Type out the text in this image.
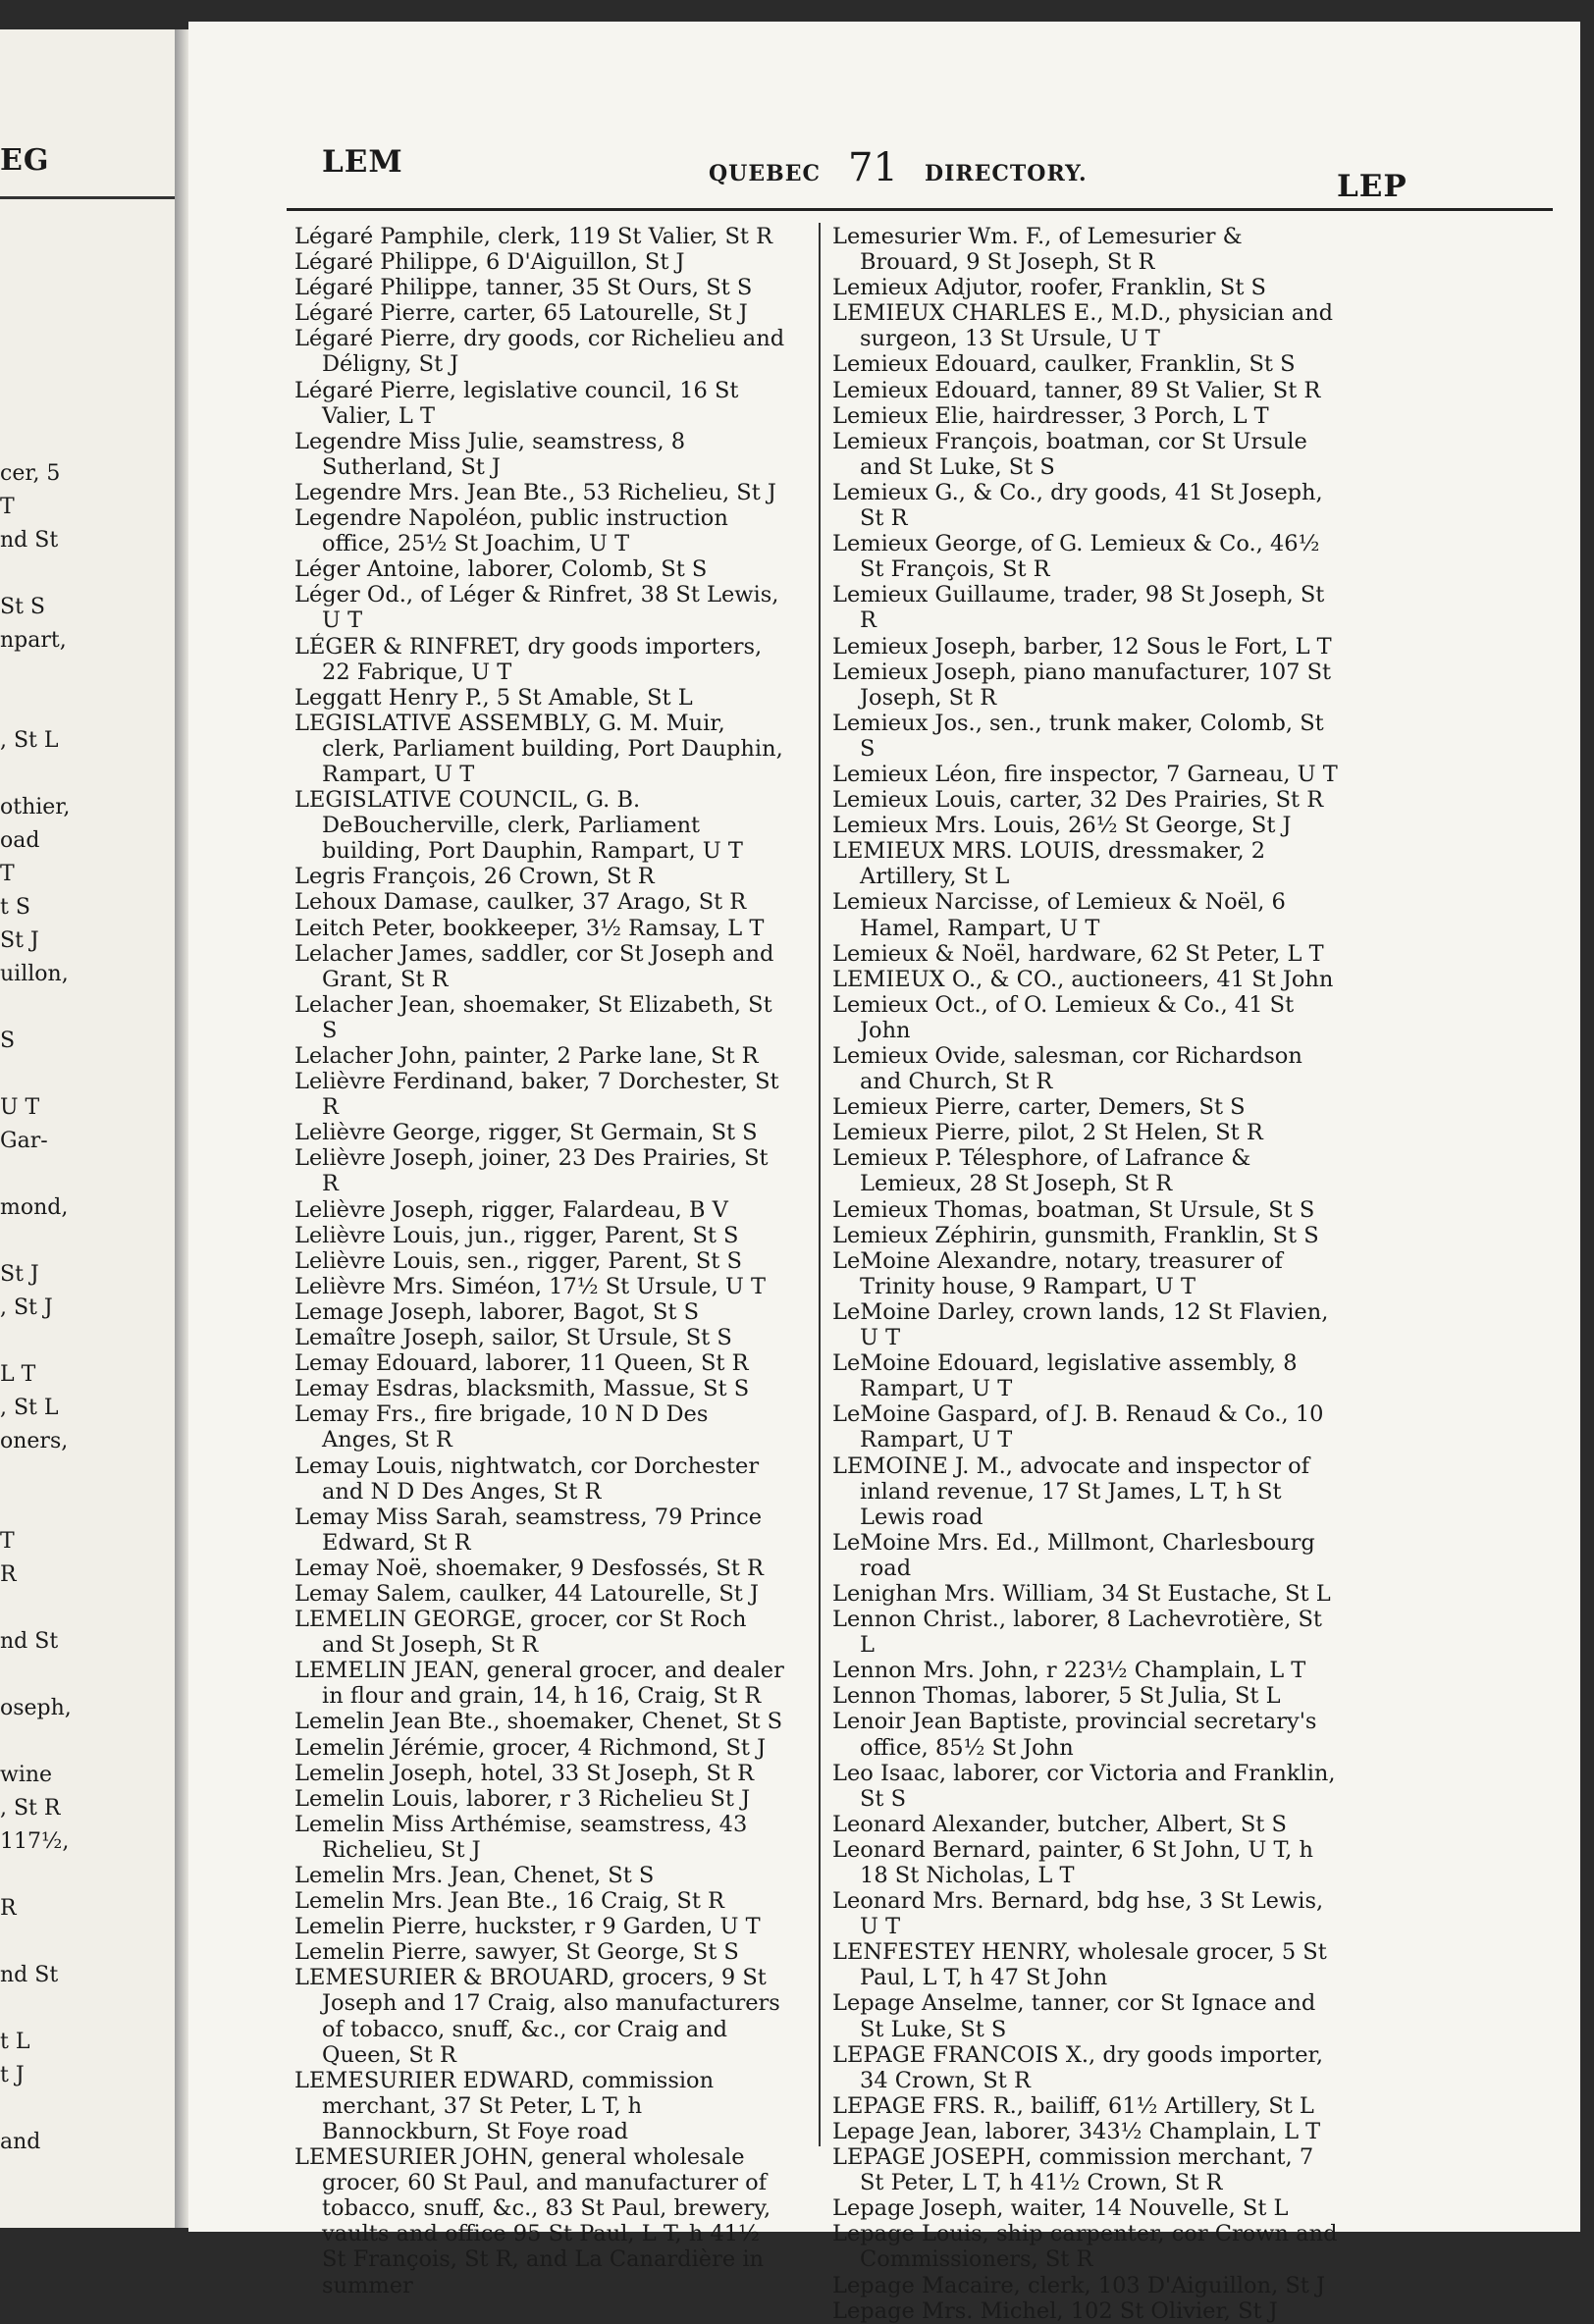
EG
cer, 5
T
nd St
St S
npart,
, St L
othier,
oad
T
t S
St J
uillon,
S
U T
Gar-
mond,
St J
, St J
L T
, St L
oners,
T
R
nd St
oseph,
wine
, St R
117½,
R
nd St
t L
t J
and
LEM	QUEBEC 71 DIRECTORY.	LEP

Légaré Pamphile, clerk, 119 St Valier, St R

Légaré Philippe, 6 D'Aiguillon, St J

Légaré Philippe, tanner, 35 St Ours, St S

Légaré Pierre, carter, 65 Latourelle, St J

Légaré Pierre, dry goods, cor Richelieu and Déligny, St J

Légaré Pierre, legislative council, 16 St Valier, L T

Legendre Miss Julie, seamstress, 8 Sutherland, St J

Legendre Mrs. Jean Bte., 53 Richelieu, St J

Legendre Napoléon, public instruction office, 25½ St Joachim, U T

Léger Antoine, laborer, Colomb, St S

Léger Od., of Léger & Rinfret, 38 St Lewis, U T

LÉGER & RINFRET, dry goods importers, 22 Fabrique, U T

Leggatt Henry P., 5 St Amable, St L

LEGISLATIVE ASSEMBLY, G. M. Muir, clerk, Parliament building, Port Dauphin, Rampart, U T

LEGISLATIVE COUNCIL, G. B. DeBoucherville, clerk, Parliament building, Port Dauphin, Rampart, U T

Legris François, 26 Crown, St R

Lehoux Damase, caulker, 37 Arago, St R

Leitch Peter, bookkeeper, 3½ Ramsay, L T

Lelacher James, saddler, cor St Joseph and Grant, St R

Lelacher Jean, shoemaker, St Elizabeth, St S

Lelacher John, painter, 2 Parke lane, St R

Lelièvre Ferdinand, baker, 7 Dorchester, St R

Lelièvre George, rigger, St Germain, St S

Lelièvre Joseph, joiner, 23 Des Prairies, St R

Lelièvre Joseph, rigger, Falardeau, B V

Lelièvre Louis, jun., rigger, Parent, St S

Lelièvre Louis, sen., rigger, Parent, St S

Lelièvre Mrs. Siméon, 17½ St Ursule, U T

Lemage Joseph, laborer, Bagot, St S

Lemaître Joseph, sailor, St Ursule, St S

Lemay Edouard, laborer, 11 Queen, St R

Lemay Esdras, blacksmith, Massue, St S

Lemay Frs., fire brigade, 10 N D Des Anges, St R

Lemay Louis, nightwatch, cor Dorchester and N D Des Anges, St R

Lemay Miss Sarah, seamstress, 79 Prince Edward, St R

Lemay Noë, shoemaker, 9 Desfossés, St R

Lemay Salem, caulker, 44 Latourelle, St J

LEMELIN GEORGE, grocer, cor St Roch and St Joseph, St R

LEMELIN JEAN, general grocer, and dealer in flour and grain, 14, h 16, Craig, St R

Lemelin Jean Bte., shoemaker, Chenet, St S

Lemelin Jérémie, grocer, 4 Richmond, St J

Lemelin Joseph, hotel, 33 St Joseph, St R

Lemelin Louis, laborer, r 3 Richelieu St J

Lemelin Miss Arthémise, seamstress, 43 Richelieu, St J

Lemelin Mrs. Jean, Chenet, St S

Lemelin Mrs. Jean Bte., 16 Craig, St R

Lemelin Pierre, huckster, r 9 Garden, U T

Lemelin Pierre, sawyer, St George, St S

LEMESURIER & BROUARD, grocers, 9 St Joseph and 17 Craig, also manufacturers of tobacco, snuff, &c., cor Craig and Queen, St R

LEMESURIER EDWARD, commission merchant, 37 St Peter, L T, h Bannockburn, St Foye road

LEMESURIER JOHN, general wholesale grocer, 60 St Paul, and manufacturer of tobacco, snuff, &c., 83 St Paul, brewery, vaults and office 95 St Paul, L T, h 41½ St François, St R, and La Canardière in summer

Lemesurier Wm. F., of Lemesurier & Brouard, 9 St Joseph, St R

Lemieux Adjutor, roofer, Franklin, St S

LEMIEUX CHARLES E., M.D., physician and surgeon, 13 St Ursule, U T

Lemieux Edouard, caulker, Franklin, St S

Lemieux Edouard, tanner, 89 St Valier, St R

Lemieux Elie, hairdresser, 3 Porch, L T

Lemieux François, boatman, cor St Ursule and St Luke, St S

Lemieux G., & Co., dry goods, 41 St Joseph, St R

Lemieux George, of G. Lemieux & Co., 46½ St François, St R

Lemieux Guillaume, trader, 98 St Joseph, St R

Lemieux Joseph, barber, 12 Sous le Fort, L T

Lemieux Joseph, piano manufacturer, 107 St Joseph, St R

Lemieux Jos., sen., trunk maker, Colomb, St S

Lemieux Léon, fire inspector, 7 Garneau, U T

Lemieux Louis, carter, 32 Des Prairies, St R

Lemieux Mrs. Louis, 26½ St George, St J

LEMIEUX MRS. LOUIS, dressmaker, 2 Artillery, St L

Lemieux Narcisse, of Lemieux & Noël, 6 Hamel, Rampart, U T

Lemieux & Noël, hardware, 62 St Peter, L T

LEMIEUX O., & CO., auctioneers, 41 St John

Lemieux Oct., of O. Lemieux & Co., 41 St John

Lemieux Ovide, salesman, cor Richardson and Church, St R

Lemieux Pierre, carter, Demers, St S

Lemieux Pierre, pilot, 2 St Helen, St R

Lemieux P. Télesphore, of Lafrance & Lemieux, 28 St Joseph, St R

Lemieux Thomas, boatman, St Ursule, St S

Lemieux Zéphirin, gunsmith, Franklin, St S

LeMoine Alexandre, notary, treasurer of Trinity house, 9 Rampart, U T

LeMoine Darley, crown lands, 12 St Flavien, U T

LeMoine Edouard, legislative assembly, 8 Rampart, U T

LeMoine Gaspard, of J. B. Renaud & Co., 10 Rampart, U T

LEMOINE J. M., advocate and inspector of inland revenue, 17 St James, L T, h St Lewis road

LeMoine Mrs. Ed., Millmont, Charlesbourg road

Lenighan Mrs. William, 34 St Eustache, St L

Lennon Christ., laborer, 8 Lachevrotière, St L

Lennon Mrs. John, r 223½ Champlain, L T

Lennon Thomas, laborer, 5 St Julia, St L

Lenoir Jean Baptiste, provincial secretary's office, 85½ St John

Leo Isaac, laborer, cor Victoria and Franklin, St S

Leonard Alexander, butcher, Albert, St S

Leonard Bernard, painter, 6 St John, U T, h 18 St Nicholas, L T

Leonard Mrs. Bernard, bdg hse, 3 St Lewis, U T

LENFESTEY HENRY, wholesale grocer, 5 St Paul, L T, h 47 St John

Lepage Anselme, tanner, cor St Ignace and St Luke, St S

LEPAGE FRANCOIS X., dry goods importer, 34 Crown, St R

LEPAGE FRS. R., bailiff, 61½ Artillery, St L

Lepage Jean, laborer, 343½ Champlain, L T

LEPAGE JOSEPH, commission merchant, 7 St Peter, L T, h 41½ Crown, St R

Lepage Joseph, waiter, 14 Nouvelle, St L

Lepage Louis, ship carpenter, cor Crown and Commissioners, St R

Lepage Macaire, clerk, 103 D'Aiguillon, St J

Lepage Mrs. Michel, 102 St Olivier, St J
